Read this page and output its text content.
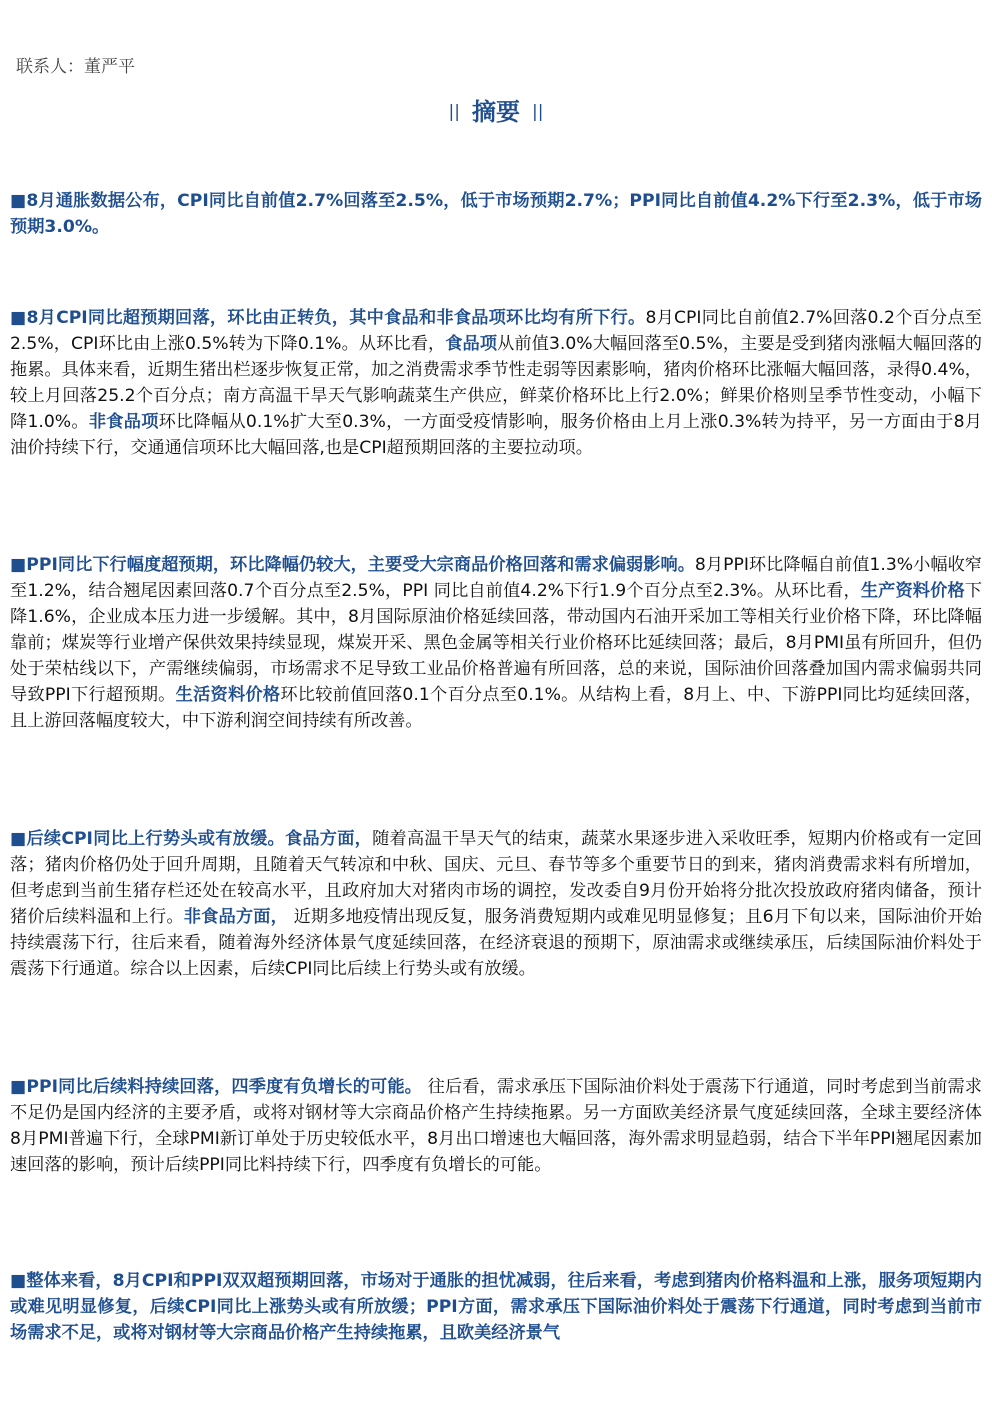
联系人：董严平
|| 摘要 ||
■8月通胀数据公布，CPI同比自前值2.7%回落至2.5%，低于市场预期2.7%；PPI同比自前值4.2%下行至2.3%，低于市场预期3.0%。
■8月CPI同比超预期回落，环比由正转负，其中食品和非食品项环比均有所下行。8月CPI同比自前值2.7%回落0.2个百分点至2.5%，CPI环比由上涨0.5%转为下降0.1%。从环比看，食品项从前值3.0%大幅回落至0.5%，主要是受到猪肉涨幅大幅回落的拖累。具体来看，近期生猪出栏逐步恢复正常，加之消费需求季节性走弱等因素影响，猪肉价格环比涨幅大幅回落，录得0.4%，较上月回落25.2个百分点；南方高温干旱天气影响蔬菜生产供应，鲜菜价格环比上行2.0%；鲜果价格则呈季节性变动，小幅下降1.0%。非食品项环比降幅从0.1%扩大至0.3%，一方面受疫情影响，服务价格由上月上涨0.3%转为持平，另一方面由于8月油价持续下行，交通通信项环比大幅回落,也是CPI超预期回落的主要拉动项。
■PPI同比下行幅度超预期，环比降幅仍较大，主要受大宗商品价格回落和需求偏弱影响。8月PPI环比降幅自前值1.3%小幅收窄至1.2%，结合翘尾因素回落0.7个百分点至2.5%，PPI 同比自前值4.2%下行1.9个百分点至2.3%。从环比看，生产资料价格下降1.6%，企业成本压力进一步缓解。其中，8月国际原油价格延续回落，带动国内石油开采加工等相关行业价格下降，环比降幅靠前；煤炭等行业增产保供效果持续显现，煤炭开采、黑色金属等相关行业价格环比延续回落；最后，8月PMI虽有所回升，但仍处于荣枯线以下，产需继续偏弱，市场需求不足导致工业品价格普遍有所回落，总的来说，国际油价回落叠加国内需求偏弱共同导致PPI下行超预期。生活资料价格环比较前值回落0.1个百分点至0.1%。从结构上看，8月上、中、下游PPI同比均延续回落，且上游回落幅度较大，中下游利润空间持续有所改善。
■后续CPI同比上行势头或有放缓。食品方面，随着高温干旱天气的结束，蔬菜水果逐步进入采收旺季，短期内价格或有一定回落；猪肉价格仍处于回升周期，且随着天气转凉和中秋、国庆、元旦、春节等多个重要节日的到来，猪肉消费需求料有所增加，但考虑到当前生猪存栏还处在较高水平，且政府加大对猪肉市场的调控，发改委自9月份开始将分批次投放政府猪肉储备，预计猪价后续料温和上行。非食品方面， 近期多地疫情出现反复，服务消费短期内或难见明显修复；且6月下旬以来，国际油价开始持续震荡下行，往后来看，随着海外经济体景气度延续回落，在经济衰退的预期下，原油需求或继续承压，后续国际油价料处于震荡下行通道。综合以上因素，后续CPI同比后续上行势头或有放缓。
■PPI同比后续料持续回落，四季度有负增长的可能。 往后看，需求承压下国际油价料处于震荡下行通道，同时考虑到当前需求不足仍是国内经济的主要矛盾，或将对钢材等大宗商品价格产生持续拖累。另一方面欧美经济景气度延续回落，全球主要经济体8月PMI普遍下行，全球PMI新订单处于历史较低水平，8月出口增速也大幅回落，海外需求明显趋弱，结合下半年PPI翘尾因素加速回落的影响，预计后续PPI同比料持续下行，四季度有负增长的可能。
■整体来看，8月CPI和PPI双双超预期回落，市场对于通胀的担忧减弱，往后来看，考虑到猪肉价格料温和上涨，服务项短期内或难见明显修复，后续CPI同比上涨势头或有所放缓；PPI方面，需求承压下国际油价料处于震荡下行通道，同时考虑到当前市场需求不足，或将对钢材等大宗商品价格产生持续拖累，且欧美经济景气
